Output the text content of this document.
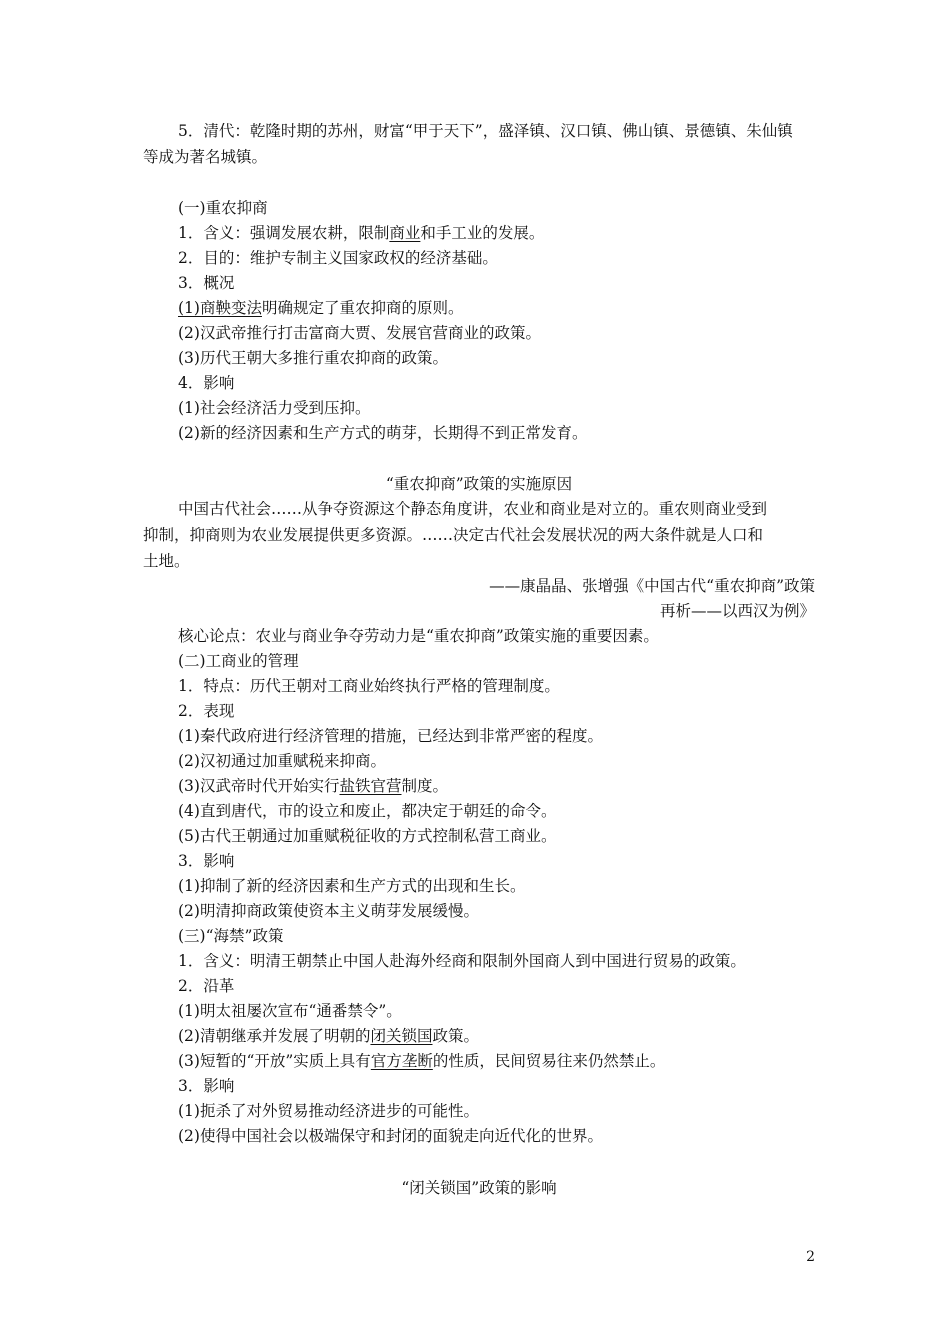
5．清代：乾隆时期的苏州，财富“甲于天下”，盛泽镇、汉口镇、佛山镇、景德镇、朱仙镇
等成为著名城镇。
(一)重农抑商
1．含义：强调发展农耕，限制商业和手工业的发展。
2．目的：维护专制主义国家政权的经济基础。
3．概况
(1)商鞅变法明确规定了重农抑商的原则。
(2)汉武帝推行打击富商大贾、发展官营商业的政策。
(3)历代王朝大多推行重农抑商的政策。
4．影响
(1)社会经济活力受到压抑。
(2)新的经济因素和生产方式的萌芽，长期得不到正常发育。
“重农抑商”政策的实施原因
中国古代社会……从争夺资源这个静态角度讲，农业和商业是对立的。重农则商业受到
抑制，抑商则为农业发展提供更多资源。……决定古代社会发展状况的两大条件就是人口和
土地。
——康晶晶、张增强《中国古代“重农抑商”政策
再析——以西汉为例》
核心论点：农业与商业争夺劳动力是“重农抑商”政策实施的重要因素。
(二)工商业的管理
1．特点：历代王朝对工商业始终执行严格的管理制度。
2．表现
(1)秦代政府进行经济管理的措施，已经达到非常严密的程度。
(2)汉初通过加重赋税来抑商。
(3)汉武帝时代开始实行盐铁官营制度。
(4)直到唐代，市的设立和废止，都决定于朝廷的命令。
(5)古代王朝通过加重赋税征收的方式控制私营工商业。
3．影响
(1)抑制了新的经济因素和生产方式的出现和生长。
(2)明清抑商政策使资本主义萌芽发展缓慢。
(三)“海禁”政策
1．含义：明清王朝禁止中国人赴海外经商和限制外国商人到中国进行贸易的政策。
2．沿革
(1)明太祖屡次宣布“通番禁令”。
(2)清朝继承并发展了明朝的闭关锁国政策。
(3)短暂的“开放”实质上具有官方垄断的性质，民间贸易往来仍然禁止。
3．影响
(1)扼杀了对外贸易推动经济进步的可能性。
(2)使得中国社会以极端保守和封闭的面貌走向近代化的世界。
“闭关锁国”政策的影响
2
